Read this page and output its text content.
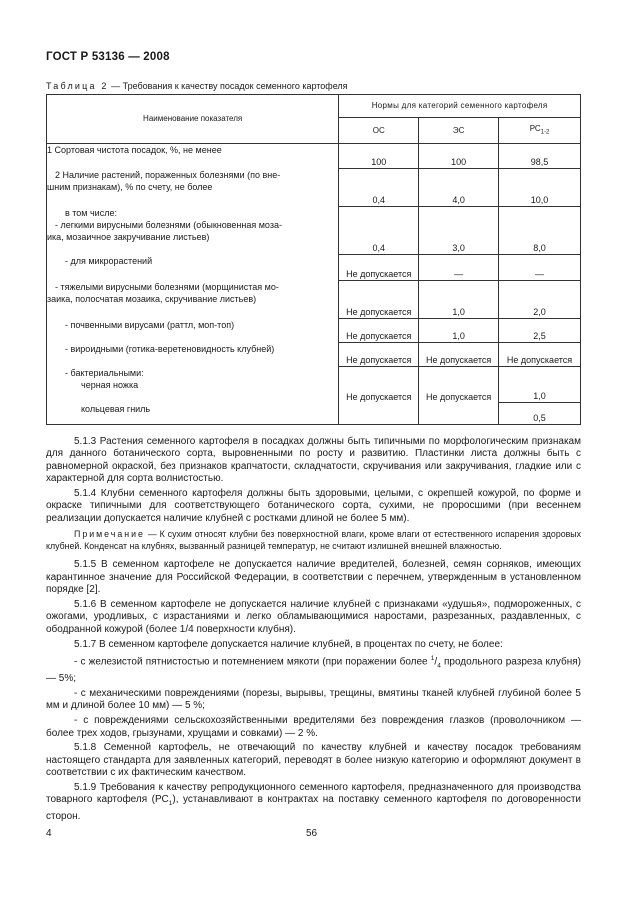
ГОСТ Р 53136 — 2008
Таблица 2 — Требования к качеству посадок семенного картофеля
Наименование показателя	Нормы для категорий семенного картофеля		
	ОС	ЭС	$РС_{1-2}$
1 Сортовая чистота посадок, %, не менее	100	100	98,5

2 Наличие растений, пораженных болезнями (по вне-
шним признакам), % по счету, не более	0,4	4,0	10,0

в том числе:
- легкими вирусными болезнями (обыкновенная моза-
ика, мозаичное закручивание листьев)	0,4	3,0	8,0

- для микрорастений	Не допускается	—	—

- тяжелыми вирусными болезнями (морщинистая мо-
заика, полосчатая мозаика, скручивание листьев)	Не допускается	1,0	2,0

- почвенными вирусами (раттл, моп-топ)	Не допускается	1,0	2,5

- вироидными (готика-веретеновидность клубней)	Не допускается	Не допускается	Не допускается

- бактериальными:
черная ножка	Не допускается	Не допускается	1,0

кольцевая гниль			0,5

5.1.3 Растения семенного картофеля в посадках должны быть типичными по морфологическим признакам для данного ботанического сорта, выровненными по росту и развитию. Пластинки листа должны быть с равномерной окраской, без признаков крапчатости, складчатости, скручивания или закручивания, гладкие или с характерной для сорта волнистостью.

5.1.4 Клубни семенного картофеля должны быть здоровыми, целыми, с окрепшей кожурой, по форме и окраске типичными для соответствующего ботанического сорта, сухими, не проросшими (при весеннем реализации допускается наличие клубней с ростками длиной не более 5 мм).

Примечание — К сухим относят клубни без поверхностной влаги, кроме влаги от естественного испарения здоровых клубней. Конденсат на клубнях, вызванный разницей температур, не считают излишней внешней влажностью.

5.1.5 В семенном картофеле не допускается наличие вредителей, болезней, семян сорняков, имеющих карантинное значение для Российской Федерации, в соответствии с перечнем, утвержденным в установленном порядке [2].

5.1.6 В семенном картофеле не допускается наличие клубней с признаками «удушья», подмороженных, с ожогами, уродливых, с израстаниями и легко обламывающимися наростами, разрезанных, раздавленных, с ободранной кожурой (более 1/4 поверхности клубня).

5.1.7 В семенном картофеле допускается наличие клубней, в процентах по счету, не более:

- с железистой пятнистостью и потемнением мякоти (при поражении более $^1/_4$ продольного разреза клубня) — 5%;

- с механическими повреждениями (порезы, вырывы, трещины, вмятины тканей клубней глубиной более 5 мм и длиной более 10 мм) — 5 %;

- с повреждениями сельскохозяйственными вредителями без повреждения глазков (проволочником — более трех ходов, грызунами, хрущами и совками) — 2 %.

5.1.8 Семенной картофель, не отвечающий по качеству клубней и качеству посадок требованиям настоящего стандарта для заявленных категорий, переводят в более низкую категорию и оформляют документ в соответствии с их фактическим качеством.

5.1.9 Требования к качеству репродукционного семенного картофеля, предназначенного для производства товарного картофеля $(РС_1)$, устанавливают в контрактах на поставку семенного картофеля по договоренности сторон.

4	56
